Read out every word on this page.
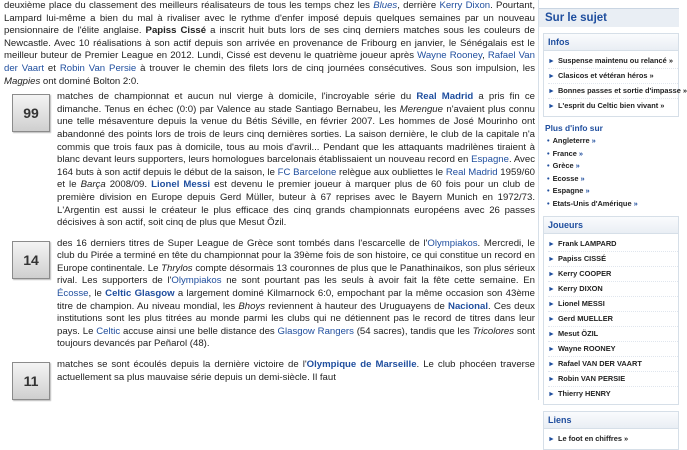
deuxième place du classement des meilleurs réalisateurs de tous les temps chez les Blues, derrière Kerry Dixon. Pourtant, Lampard lui-même a bien du mal à rivaliser avec le rythme d'enfer imposé depuis quelques semaines par un nouveau pensionnaire de l'élite anglaise. Papiss Cissé a inscrit huit buts lors de ses cinq derniers matches sous les couleurs de Newcastle. Avec 10 réalisations à son actif depuis son arrivée en provenance de Fribourg en janvier, le Sénégalais est le meilleur buteur de Premier League en 2012. Lundi, Cissé est devenu le quatrième joueur après Wayne Rooney, Rafael Van der Vaart et Robin Van Persie à trouver le chemin des filets lors de cinq journées consécutives. Sous son impulsion, les Magpies ont dominé Bolton 2:0.

99

matches de championnat et aucun nul vierge à domicile, l'incroyable série du Real Madrid a pris fin ce dimanche. Tenus en échec (0:0) par Valence au stade Santiago Bernabeu, les Merengue n'avaient plus connu une telle mésaventure depuis la venue du Bétis Séville, en février 2007. Les hommes de José Mourinho ont abandonné des points lors de trois de leurs cinq dernières sorties. La saison dernière, le club de la capitale n'a commis que trois faux pas à domicile, tous au mois d'avril... Pendant que les attaquants madrilènes tiraient à blanc devant leurs supporters, leurs homologues barcelonais établissaient un nouveau record en Espagne. Avec 164 buts à son actif depuis le début de la saison, le FC Barcelone relègue aux oubliettes le Real Madrid 1959/60 et le Barça 2008/09. Lionel Messi est devenu le premier joueur à marquer plus de 60 fois pour un club de première division en Europe depuis Gerd Müller, buteur à 67 reprises avec le Bayern Munich en 1972/73. L'Argentin est aussi le créateur le plus efficace des cinq grands championnats européens avec 26 passes décisives à son actif, soit cinq de plus que Mesut Özil.

14

des 16 derniers titres de Super League de Grèce sont tombés dans l'escarcelle de l'Olympiakos. Mercredi, le club du Pirée a terminé en tête du championnat pour la 39ème fois de son histoire, ce qui constitue un record en Europe continentale. Le Thrylos compte désormais 13 couronnes de plus que le Panathinaikos, son plus sérieux rival. Les supporters de l'Olympiakos ne sont pourtant pas les seuls à avoir fait la fête cette semaine. En Écosse, le Celtic Glasgow a largement dominé Kilmarnock 6:0, empochant par la même occasion son 43ème titre de champion. Au niveau mondial, les Bhoys reviennent à hauteur des Uruguayens de Nacional. Ces deux institutions sont les plus titrées au monde parmi les clubs qui ne détiennent pas le record de titres dans leur pays. Le Celtic accuse ainsi une belle distance des Glasgow Rangers (54 sacres), tandis que les Tricolores sont toujours devancés par Peñarol (48).

11

matches se sont écoulés depuis la dernière victoire de l'Olympique de Marseille. Le club phocéen traverse actuellement sa plus mauvaise série depuis un demi-siècle. Il faut

Sur le sujet
Infos
► Suspense maintenu ou relancé »
► Clasicos et vétéran héros »
► Bonnes passes et sortie d'impasse »
► L'esprit du Celtic bien vivant »
Plus d'info sur
• Angleterre »
• France »
• Grèce »
• Ecosse »
• Espagne »
• Etats-Unis d'Amérique »
Joueurs
► Frank LAMPARD
► Papiss CISSÉ
► Kerry COOPER
► Kerry DIXON
► Lionel MESSI
► Gerd MUELLER
► Mesut ÖZIL
► Wayne ROONEY
► Rafael VAN DER VAART
► Robin VAN PERSIE
► Thierry HENRY
Liens
► Le foot en chiffres »
